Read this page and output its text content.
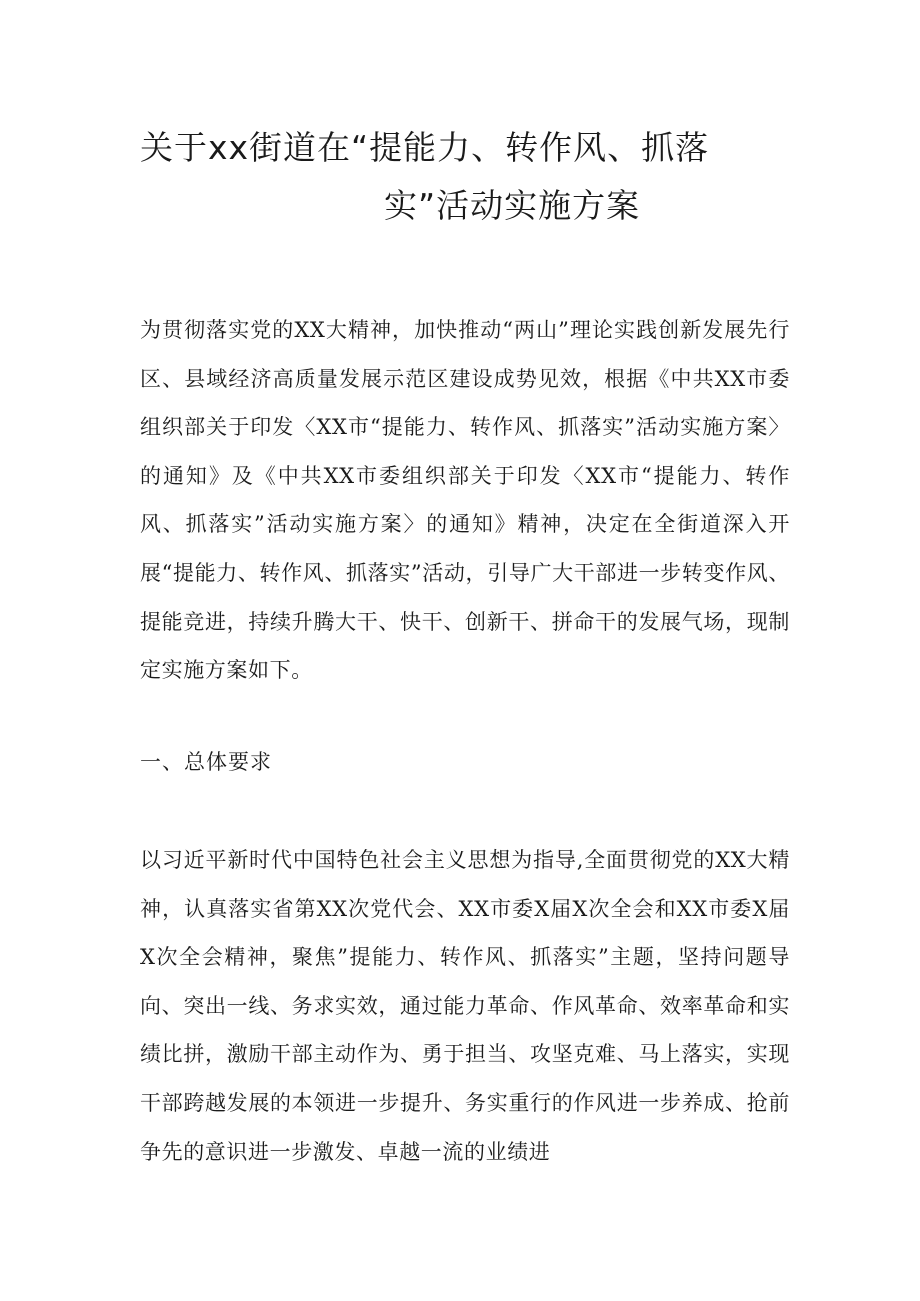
关于xx街道在“提能力、转作风、抓落
实”活动实施方案

为贯彻落实党的XX大精神，加快推动“两山”理论实践创新发展先行区、县域经济高质量发展示范区建设成势见效，根据《中共XX市委组织部关于印发〈XX市“提能力、转作风、抓落实”活动实施方案〉的通知》及《中共XX市委组织部关于印发〈XX市“提能力、转作风、抓落实”活动实施方案〉的通知》精神，决定在全街道深入开展“提能力、转作风、抓落实”活动，引导广大干部进一步转变作风、提能竞进，持续升腾大干、快干、创新干、拼命干的发展气场，现制定实施方案如下。

一、总体要求

以习近平新时代中国特色社会主义思想为指导,全面贯彻党的XX大精神，认真落实省第XX次党代会、XX市委X届X次全会和XX市委X届X次全会精神，聚焦”提能力、转作风、抓落实”主题，坚持问题导向、突出一线、务求实效，通过能力革命、作风革命、效率革命和实绩比拼，激励干部主动作为、勇于担当、攻坚克难、马上落实，实现干部跨越发展的本领进一步提升、务实重行的作风进一步养成、抢前争先的意识进一步激发、卓越一流的业绩进
